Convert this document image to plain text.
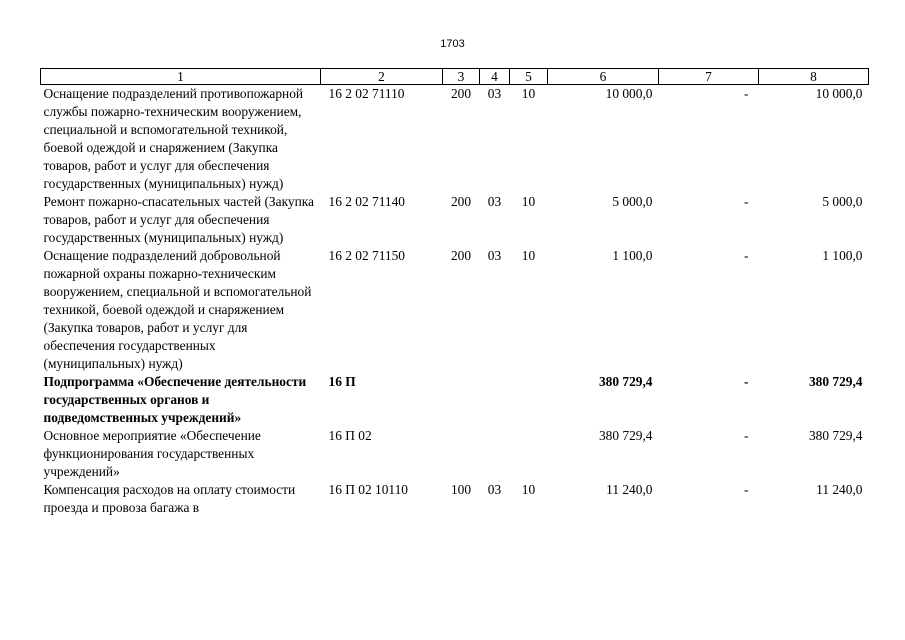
1703
1	2	3	4	5	6	7	8
Оснащение подразделений противопожарной службы пожарно-техническим вооружением, специальной и вспомогательной техникой, боевой одеждой и снаряжением (Закупка товаров, работ и услуг для обеспечения государственных (муниципальных) нужд)	16 2 02 71110	200	03	10	10 000,0	-	10 000,0
Ремонт пожарно-спасательных частей (Закупка товаров, работ и услуг для обеспечения государственных (муниципальных) нужд)	16 2 02 71140	200	03	10	5 000,0	-	5 000,0
Оснащение подразделений добровольной пожарной охраны пожарно-техническим вооружением, специальной и вспомогательной техникой, боевой одеждой и снаряжением (Закупка товаров, работ и услуг для обеспечения государственных (муниципальных) нужд)	16 2 02 71150	200	03	10	1 100,0	-	1 100,0
Подпрограмма «Обеспечение деятельности государственных органов и подведомственных учреждений»	16 П				380 729,4	-	380 729,4
Основное мероприятие «Обеспечение функционирования государственных учреждений»	16 П 02				380 729,4	-	380 729,4
Компенсация расходов на оплату стоимости проезда и провоза багажа в	16 П 02 10110	100	03	10	11 240,0	-	11 240,0
